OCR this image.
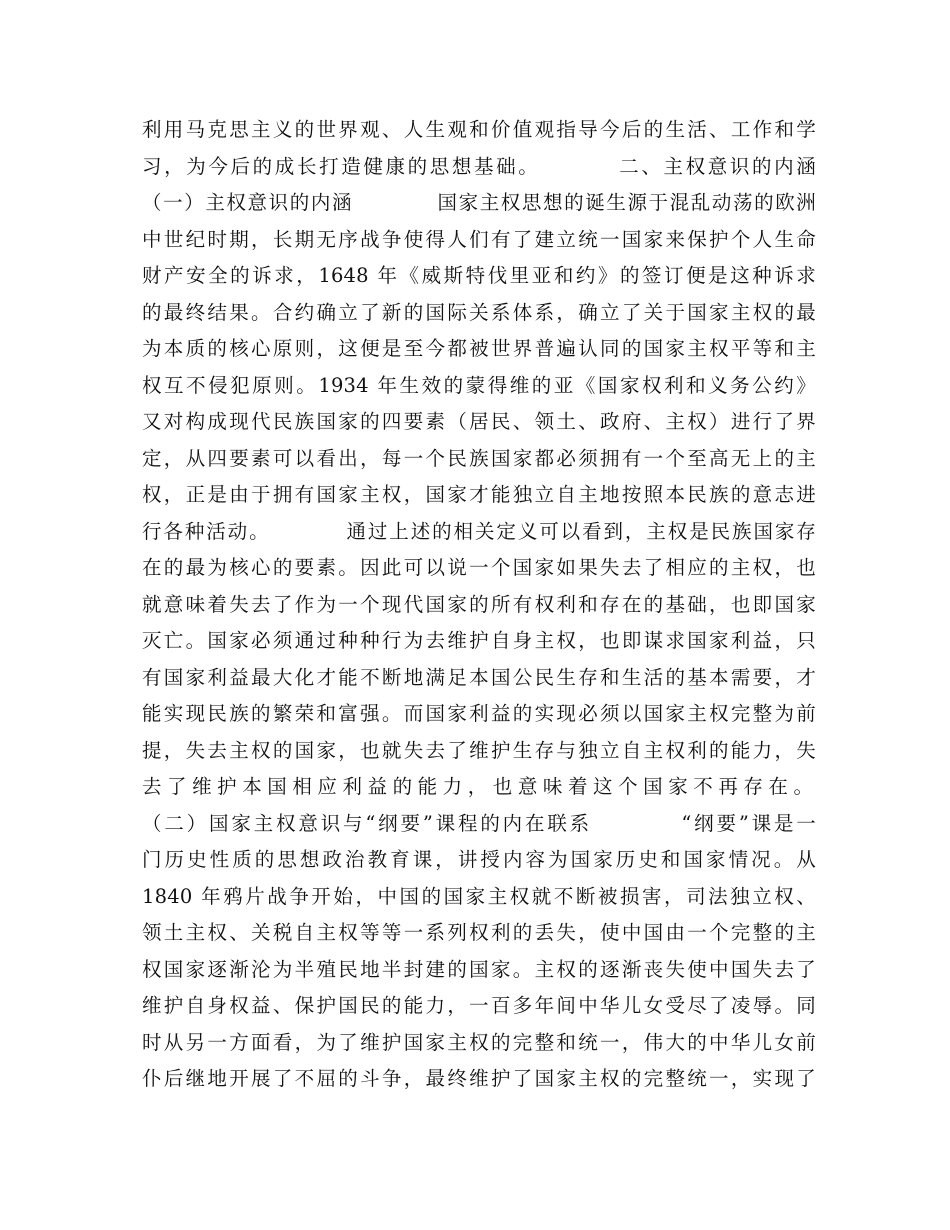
利用马克思主义的世界观、人生观和价值观指导今后的生活、工作和学
习，为今后的成长打造健康的思想基础。　　　　二、主权意识的内涵
（一）主权意识的内涵　　　　国家主权思想的诞生源于混乱动荡的欧洲
中世纪时期，长期无序战争使得人们有了建立统一国家来保护个人生命
财产安全的诉求，1648 年《威斯特伐里亚和约》的签订便是这种诉求
的最终结果。合约确立了新的国际关系体系，确立了关于国家主权的最
为本质的核心原则，这便是至今都被世界普遍认同的国家主权平等和主
权互不侵犯原则。1934 年生效的蒙得维的亚《国家权利和义务公约》
又对构成现代民族国家的四要素（居民、领土、政府、主权）进行了界
定，从四要素可以看出，每一个民族国家都必须拥有一个至高无上的主
权，正是由于拥有国家主权，国家才能独立自主地按照本民族的意志进
行各种活动。　　　　通过上述的相关定义可以看到，主权是民族国家存
在的最为核心的要素。因此可以说一个国家如果失去了相应的主权，也
就意味着失去了作为一个现代国家的所有权利和存在的基础，也即国家
灭亡。国家必须通过种种行为去维护自身主权，也即谋求国家利益，只
有国家利益最大化才能不断地满足本国公民生存和生活的基本需要，才
能实现民族的繁荣和富强。而国家利益的实现必须以国家主权完整为前
提，失去主权的国家，也就失去了维护生存与独立自主权利的能力，失
去了维护本国相应利益的能力，也意味着这个国家不再存在。
（二）国家主权意识与“纲要”课程的内在联系　　　　“纲要”课是一
门历史性质的思想政治教育课，讲授内容为国家历史和国家情况。从
1840 年鸦片战争开始，中国的国家主权就不断被损害，司法独立权、
领土主权、关税自主权等等一系列权利的丢失，使中国由一个完整的主
权国家逐渐沦为半殖民地半封建的国家。主权的逐渐丧失使中国失去了
维护自身权益、保护国民的能力，一百多年间中华儿女受尽了凌辱。同
时从另一方面看，为了维护国家主权的完整和统一，伟大的中华儿女前
仆后继地开展了不屈的斗争，最终维护了国家主权的完整统一，实现了
